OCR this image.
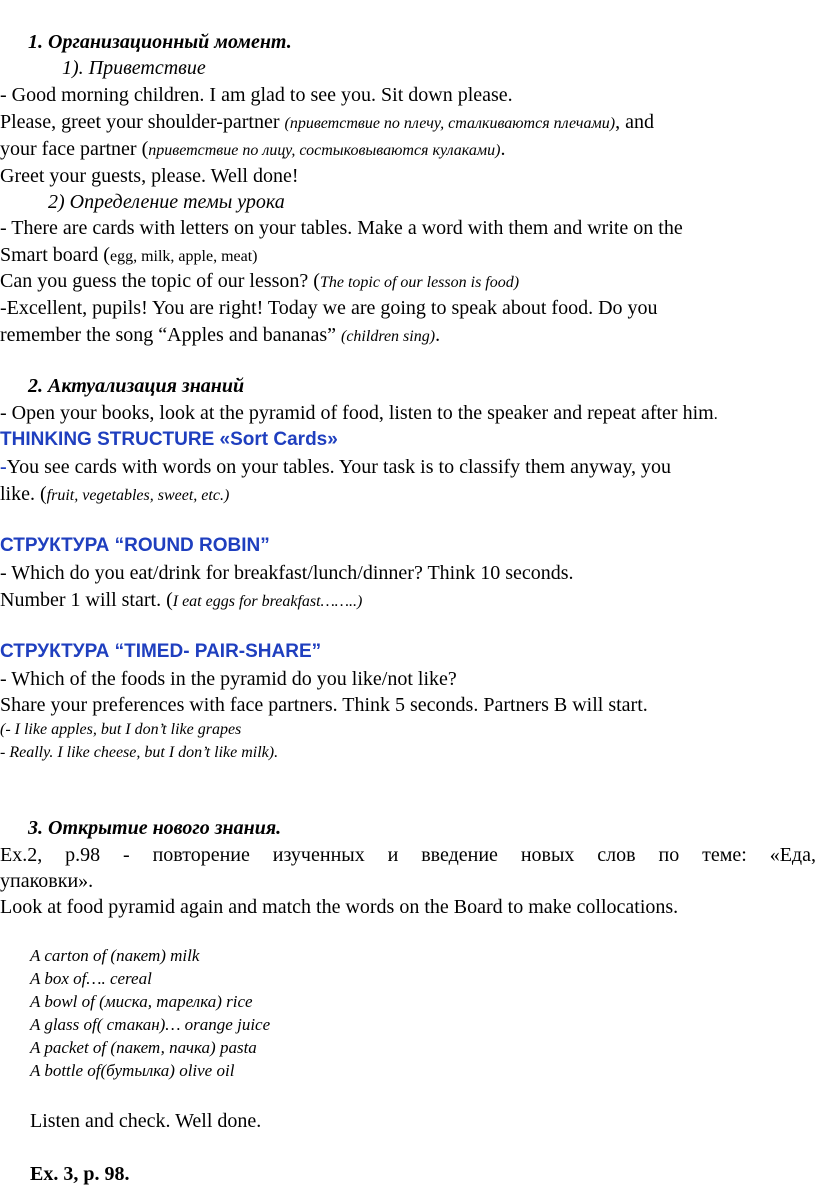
1. Организационный момент.
1). Приветствие
- Good morning children. I am glad to see you. Sit down please.
Please, greet your shoulder-partner (приветствие по плечу, сталкиваются плечами), and
your face partner (приветствие по лицу, состыковываются кулаками).
Greet your guests, please. Well done!
2) Определение темы урока
- There are cards with letters on your tables. Make a word with them and write on the
Smart board (egg, milk, apple, meat)
Can you guess the topic of our lesson? (The topic of our lesson is food)
-Excellent, pupils! You are right! Today we are going to speak about food. Do you
remember the song “Apples and bananas” (children sing).
2. Актуализация знаний
- Open your books, look at the pyramid of food, listen to the speaker and repeat after him.
THINKING STRUCTURE «Sort Cards»
-You see cards with words on your tables. Your task is to classify them anyway, you
like. (fruit, vegetables, sweet, etc.)
СТРУКТУРА “ROUND ROBIN”
- Which do you eat/drink for breakfast/lunch/dinner? Think 10 seconds.
Number 1 will start. (I eat eggs for breakfast……..)
СТРУКТУРА “TIMED- PAIR-SHARE”
- Which of the foods in the pyramid do you like/not like?
Share your preferences with face partners. Think 5 seconds. Partners B will start.
(- I like apples, but I don’t like grapes
- Really. I like cheese, but I don’t like milk).
3. Открытие нового знания.
Ех.2, р.98 - повторение изученных и введение новых слов по теме: «Еда,
упаковки».
Look at food pyramid again and match the words on the Board to make collocations.
A carton of (пакет) milk
A box of…. cereal
A bowl of (миска, тарелка) rice
A glass of( стакан)… orange juice
A packet of (пакет, пачка) pasta
A bottle of(бутылка) olive oil
Listen and check. Well done.
Ex. 3, p. 98.
